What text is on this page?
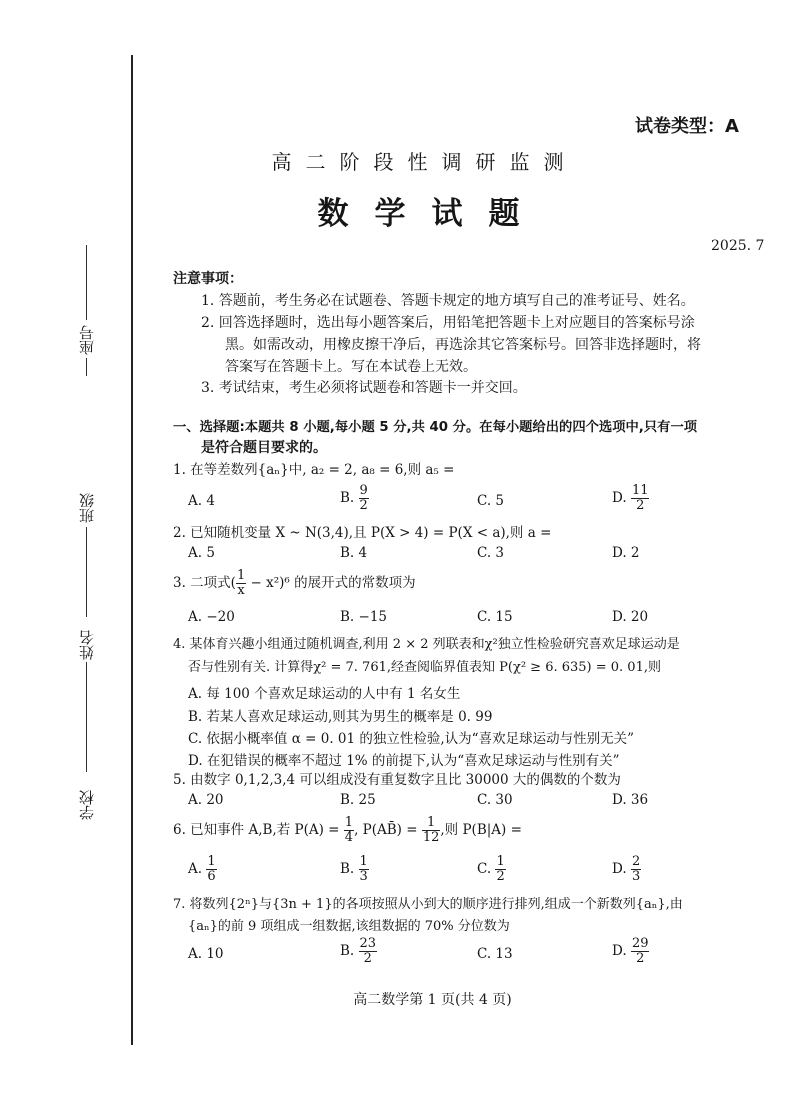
座号
班级
姓名
学校
试卷类型：A
高二阶段性调研监测
数学试题
2025. 7
注意事项：
1. 答题前，考生务必在试题卷、答题卡规定的地方填写自己的准考证号、姓名。
2. 回答选择题时，选出每小题答案后，用铅笔把答题卡上对应题目的答案标号涂
黑。如需改动，用橡皮擦干净后，再选涂其它答案标号。回答非选择题时，将
答案写在答题卡上。写在本试卷上无效。
3. 考试结束，考生必须将试题卷和答题卡一并交回。
一、选择题:本题共 8 小题,每小题 5 分,共 40 分。在每小题给出的四个选项中,只有一项
是符合题目要求的。
1. 在等差数列{aₙ}中, a₂ = 2, a₈ = 6,则 a₅ =
A. 4	B. $\frac{9}{2}$	C. 5	D. $\frac{11}{2}$
2. 已知随机变量 X ~ N(3,4),且 P(X > 4) = P(X < a),则 a =
A. 5	B. 4	C. 3	D. 2
3. 二项式( $\frac{1}{x} - x^2)^6$ 的展开式的常数项为
A. −20	B. −15	C. 15	D. 20
4. 某体育兴趣小组通过随机调查,利用 2 × 2 列联表和χ²独立性检验研究喜欢足球运动是
否与性别有关. 计算得χ² = 7. 761,经查阅临界值表知 P(χ² ≥ 6. 635) = 0. 01,则
A. 每 100 个喜欢足球运动的人中有 1 名女生
B. 若某人喜欢足球运动,则其为男生的概率是 0. 99
C. 依据小概率值 α = 0. 01 的独立性检验,认为“喜欢足球运动与性别无关”
D. 在犯错误的概率不超过 1% 的前提下,认为“喜欢足球运动与性别有关”
5. 由数字 0,1,2,3,4 可以组成没有重复数字且比 30000 大的偶数的个数为
A. 20	B. 25	C. 30	D. 36
6. 已知事件 A,B,若 $P(A) = \frac{1}{4}$ , P(AB̄) = $\frac{1}{12}$ ,则 P(B|A) =
A. $\frac{1}{6}$	B. $\frac{1}{3}$	C. $\frac{1}{2}$	D. $\frac{2}{3}$
7. 将数列{2ⁿ}与{3n + 1}的各项按照从小到大的顺序进行排列,组成一个新数列{aₙ},由
{aₙ}的前 9 项组成一组数据,该组数据的 70% 分位数为
A. 10	B. $\frac{23}{2}$	C. 13	D. $\frac{29}{2}$
高二数学第 1 页(共 4 页)
